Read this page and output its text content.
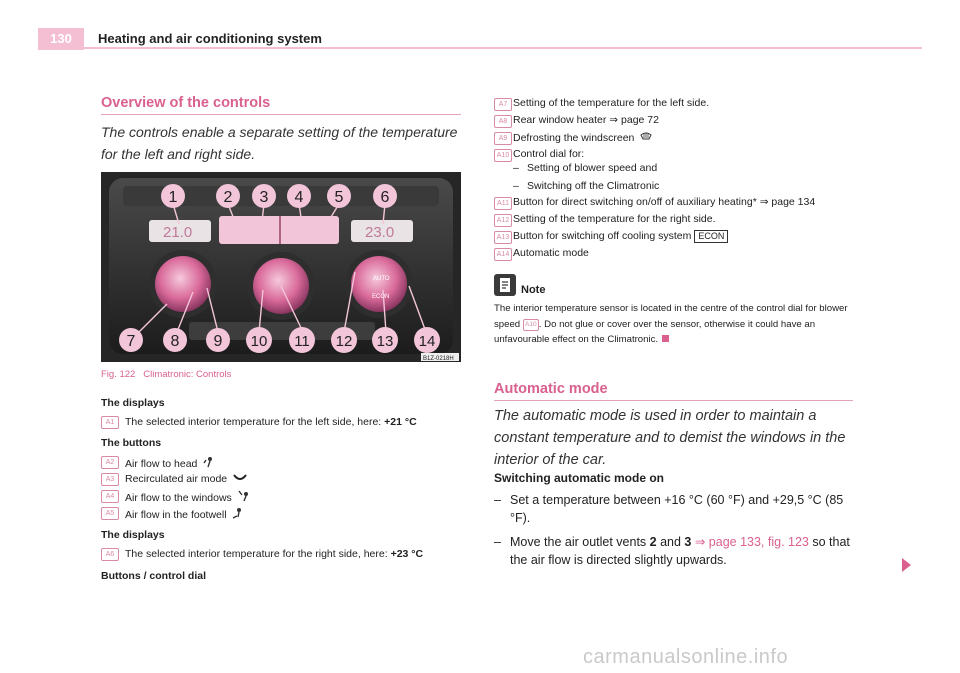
130	Heating and air conditioning system
Overview of the controls
The controls enable a separate setting of the temperature for the left and right side.
21.0	23.0
AUTO
ECON
1	2 3 4 5 6
7 8 9 10 11 12 13 14
B1Z-0218H
Fig. 122 Climatronic: Controls
The displays
A1	The selected interior temperature for the left side, here: +21 °C
The buttons
A2	Air flow to head
A3	Recirculated air mode
A4	Air flow to the windows
A5	Air flow in the footwell
The displays
A6	The selected interior temperature for the right side, here: +23 °C
Buttons / control dial
A7 Setting of the temperature for the left side.
A8 Rear window heater ⇒ page 72
A9 Defrosting the windscreen
A10 Control dial for:
– Setting of blower speed and
– Switching off the Climatronic
A11 Button for direct switching on/off of auxiliary heating* ⇒ page 134
A12 Setting of the temperature for the right side.
A13 Button for switching off cooling system ECON
A14 Automatic mode
Note
The interior temperature sensor is located in the centre of the control dial for blower speed A10 . Do not glue or cover over the sensor, otherwise it could have an unfavourable effect on the Climatronic.
Automatic mode
The automatic mode is used in order to maintain a constant temperature and to demist the windows in the interior of the car.
Switching automatic mode on
– Set a temperature between +16 °C (60 °F) and +29,5 °C (85 °F).
– Move the air outlet vents 2 and 3 ⇒ page 133, fig. 123 so that the air flow is directed slightly upwards.
carmanualsonline.info
